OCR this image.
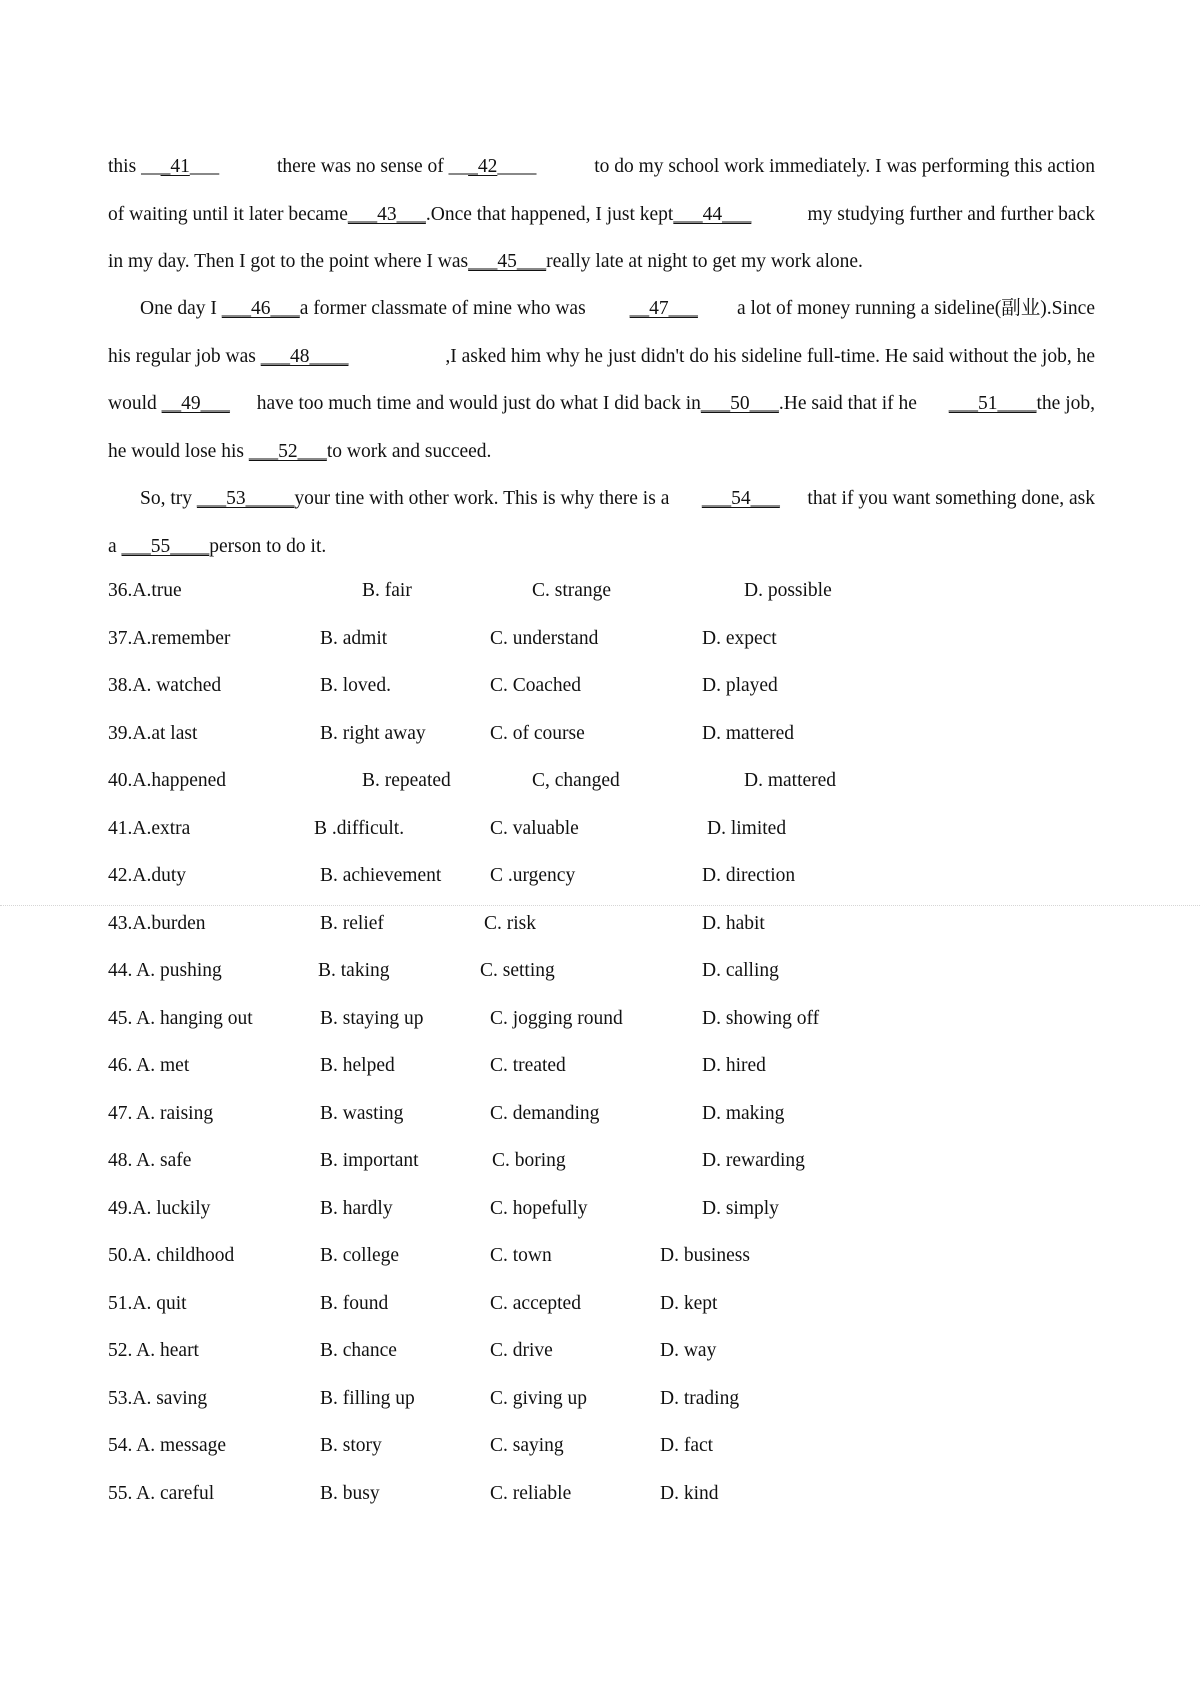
this ___41___	there was no sense of ___42____	to do my school work immediately. I was performing this action
of waiting until it later became___43___.Once that happened, I just kept___44___	my studying further and further back
in my day. Then I got to the point where I was___45___really late at night to get my work alone.
One day I ___46___a former classmate of mine who was __47___ a lot of money running a sideline(副业).Since
his regular job was ___48____	,I asked him why he just didn't do his sideline full-time. He said without the job, he
would __49___ have too much time and would just do what I did back in___50___.He said that if he ___51____the job,
he would lose his ___52___to work and succeed.
So, try ___53_____your tine with other work. This is why there is a ___54___ that if you want something done, ask
a ___55____person to do it.
36.A.true	B. fair	C. strange	D. possible
37.A.remember	B. admit	C. understand	D. expect
38.A. watched	B. loved.	C. Coached	D. played
39.A.at last	B. right away	C. of course	D. mattered
40.A.happened	B. repeated	C, changed	D. mattered
41.A.extra	B .difficult.	C. valuable	D. limited
42.A.duty	B. achievement C .urgency	D. direction
43.A.burden	B. relief	C. risk	D. habit
44. A. pushing	B. taking	C. setting	D. calling
45. A. hanging out	B. staying up	C. jogging round	D. showing off
46. A. met	B. helped	C. treated	D. hired
47. A. raising	B. wasting	C. demanding	D. making
48. A. safe	B. important	C. boring	D. rewarding
49.A. luckily	B. hardly	C. hopefully	D. simply
50.A. childhood	B. college	C. town	D. business
51.A. quit	B. found	C. accepted	D. kept
52. A. heart	B. chance	C. drive	D. way
53.A. saving	B. filling up	C. giving up	D. trading
54. A. message	B. story	C. saying	D. fact
55. A. careful	B. busy	C. reliable	D. kind
